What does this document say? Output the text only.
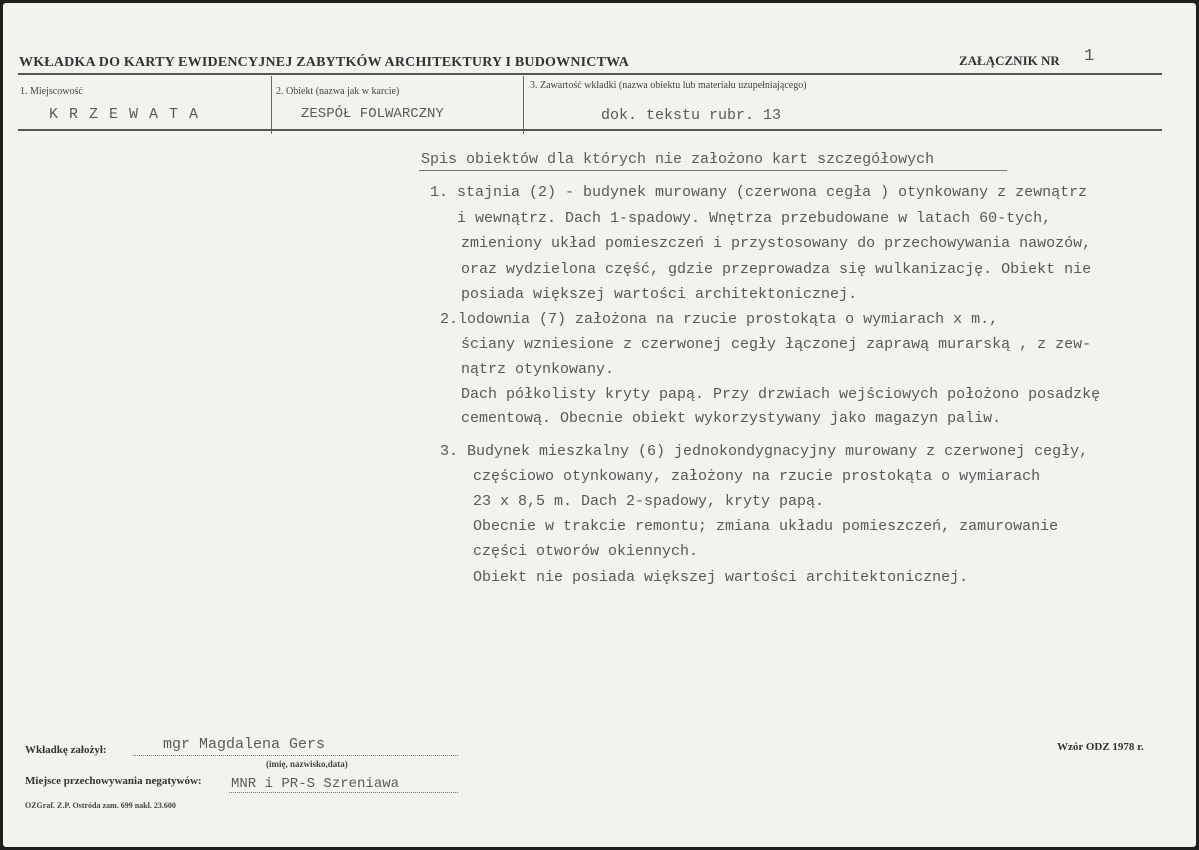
WKŁADKA DO KARTY EWIDENCYJNEJ ZABYTKÓW ARCHITEKTURY I BUDOWNICTWA	ZAŁĄCZNIK NR 1
1. Miejscowość
K R Z E W A T A
2. Obiekt (nazwa jak w karcie)
ZESPÓŁ FOLWARCZNY
3. Zawartość wkładki (nazwa obiektu lub materiału uzupełniającego)
dok. tekstu rubr. 13
Spis obiektów dla których nie założono kart szczegółowych
1. stajnia (2) - budynek murowany (czerwona cegła ) otynkowany z zewnątrz
i wewnątrz. Dach 1-spadowy. Wnętrza przebudowane w latach 60-tych,
zmieniony układ pomieszczeń i przystosowany do przechowywania nawozów,
oraz wydzielona część, gdzie przeprowadza się wulkanizację. Obiekt nie
posiada większej wartości architektonicznej.
2.lodownia (7) założona na rzucie prostokąta o wymiarach x m.,
ściany wzniesione z czerwonej cegły łączonej zaprawą murarską , z zew-
nątrz otynkowany.
Dach półkolisty kryty papą. Przy drzwiach wejściowych położono posadzkę
cementową. Obecnie obiekt wykorzystywany jako magazyn paliw.
3. Budynek mieszkalny (6) jednokondygnacyjny murowany z czerwonej cegły,
częściowo otynkowany, założony na rzucie prostokąta o wymiarach
23 x 8,5 m. Dach 2-spadowy, kryty papą.
Obecnie w trakcie remontu; zmiana układu pomieszczeń, zamurowanie
części otworów okiennych.
Obiekt nie posiada większej wartości architektonicznej.
Wkładkę założył:	mgr Magdalena Gers
(imię, nazwisko,data)
Miejsce przechowywania negatywów: MNR i PR-S Szreniawa
Wzór ODZ 1978 r.
OZGraf. Z.P. Ostróda zam. 699 nakl. 23.600
